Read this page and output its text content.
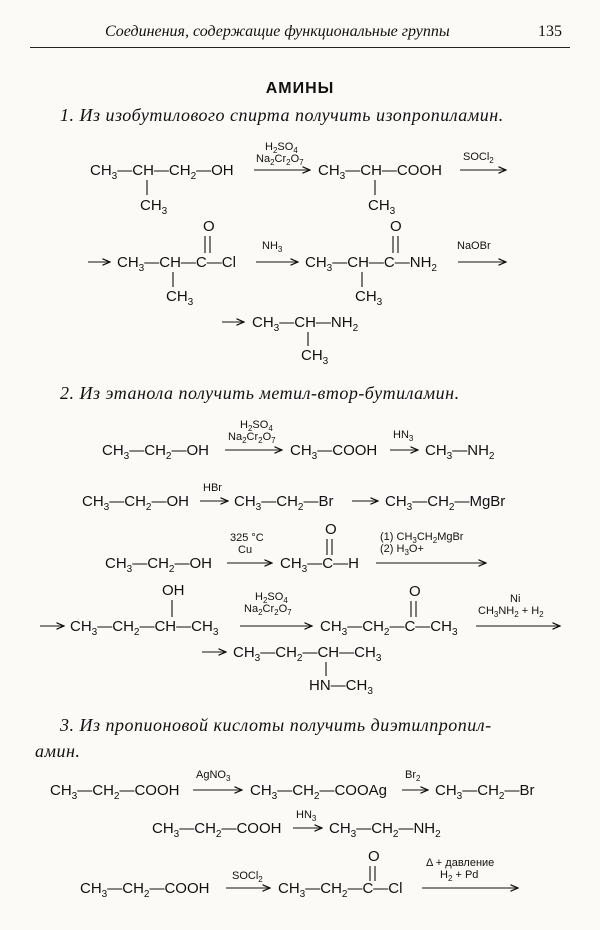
Соединения, содержащие функциональные группы	135
АМИНЫ
1. Из изобутилового спирта получить изопропиламин.
2. Из этанола получить метил-втор-бутиламин.
3. Из пропионовой кислоты получить диэтилпропил-
амин.
$CH_3—CH—CH_2—OH$
$CH_3$
$H_2SO_4$
$Na_2Cr_2O_7$ $CH_3—CH—COOH$
$CH_3$
SOCl$_2$
$CH_3—CH—C—Cl$
O
$CH_3$
$NH_3$
$CH_3—CH—C—NH_2$
O
$CH_3$
NaOBr
$CH_3—CH—NH_2$
$CH_3$
$CH_3—CH_2—OH$
$H_2SO_4$
$Na_2Cr_2O_7$
$CH_3—COOH$
$HN_3$
$CH_3—NH_2$
$CH_3—CH_2—OH$
HBr
$CH_3—CH_2—Br$	$CH_3—CH_2—MgBr$
$CH_3—CH_2—OH$
325 °C
Cu
$CH_3—C—H$
O	(1) $CH_3CH_2MgBr$
(2) $H_3O+$
$CH_3—CH_2—CH—CH_3$
OH	$H_2SO_4$
$Na_2Cr_2O_7$
$CH_3—CH_2—C—CH_3$
O	Ni
$CH_3NH_2 + H_2$
$CH_3—CH_2—CH—CH_3$
$HN—CH_3$
$CH_3—CH_2—COOH$
AgNO$_3$
$CH_3—CH_2—COOAg$
$Br_2$
$CH_3—CH_2—Br$
$CH_3—CH_2—COOH$
$HN_3$
$CH_3—CH_2—NH_2$
$CH_3—CH_2—COOH$
SOCl$_2$
$CH_3—CH_2—C—Cl$
O	Δ + давление
$H_2 + Pd$
